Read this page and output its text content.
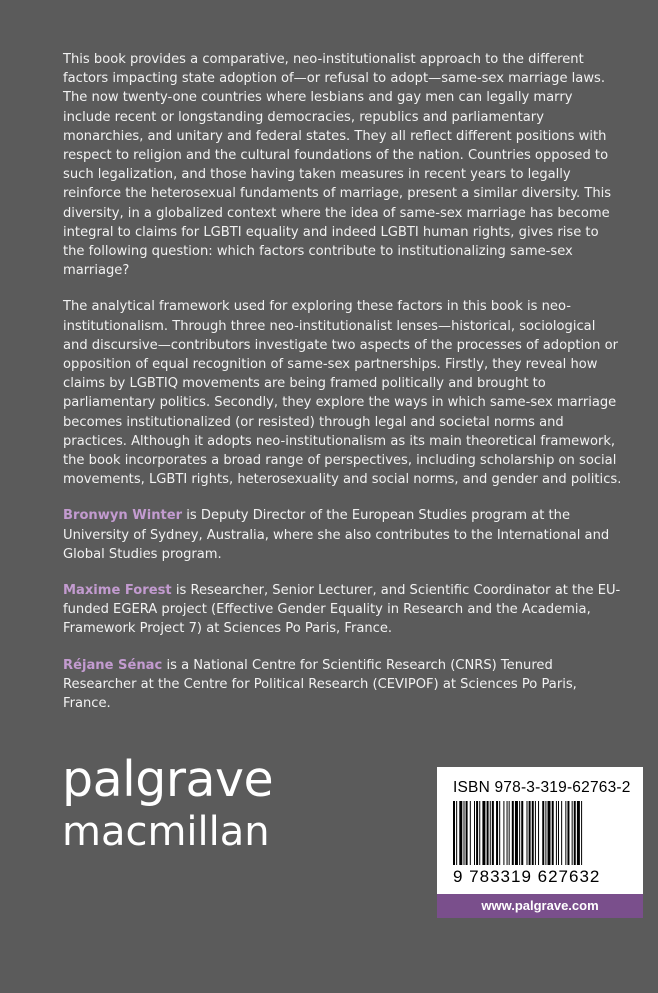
This book provides a comparative, neo-institutionalist approach to the different factors impacting state adoption of—or refusal to adopt—same-sex marriage laws. The now twenty-one countries where lesbians and gay men can legally marry include recent or longstanding democracies, republics and parliamentary monarchies, and unitary and federal states. They all reflect different positions with respect to religion and the cultural foundations of the nation. Countries opposed to such legalization, and those having taken measures in recent years to legally reinforce the heterosexual fundaments of marriage, present a similar diversity. This diversity, in a globalized context where the idea of same-sex marriage has become integral to claims for LGBTI equality and indeed LGBTI human rights, gives rise to the following question: which factors contribute to institutionalizing same-sex marriage?

The analytical framework used for exploring these factors in this book is neo-institutionalism. Through three neo-institutionalist lenses—historical, sociological and discursive—contributors investigate two aspects of the processes of adoption or opposition of equal recognition of same-sex partnerships. Firstly, they reveal how claims by LGBTIQ movements are being framed politically and brought to parliamentary politics. Secondly, they explore the ways in which same-sex marriage becomes institutionalized (or resisted) through legal and societal norms and practices. Although it adopts neo-institutionalism as its main theoretical framework, the book incorporates a broad range of perspectives, including scholarship on social movements, LGBTI rights, heterosexuality and social norms, and gender and politics.

Bronwyn Winter is Deputy Director of the European Studies program at the University of Sydney, Australia, where she also contributes to the International and Global Studies program.

Maxime Forest is Researcher, Senior Lecturer, and Scientific Coordinator at the EU-funded EGERA project (Effective Gender Equality in Research and the Academia, Framework Project 7) at Sciences Po Paris, France.

Réjane Sénac is a National Centre for Scientific Research (CNRS) Tenured Researcher at the Centre for Political Research (CEVIPOF) at Sciences Po Paris, France.

palgrave
macmillan
ISBN 978-3-319-62763-2
9 783319 627632
www.palgrave.com
